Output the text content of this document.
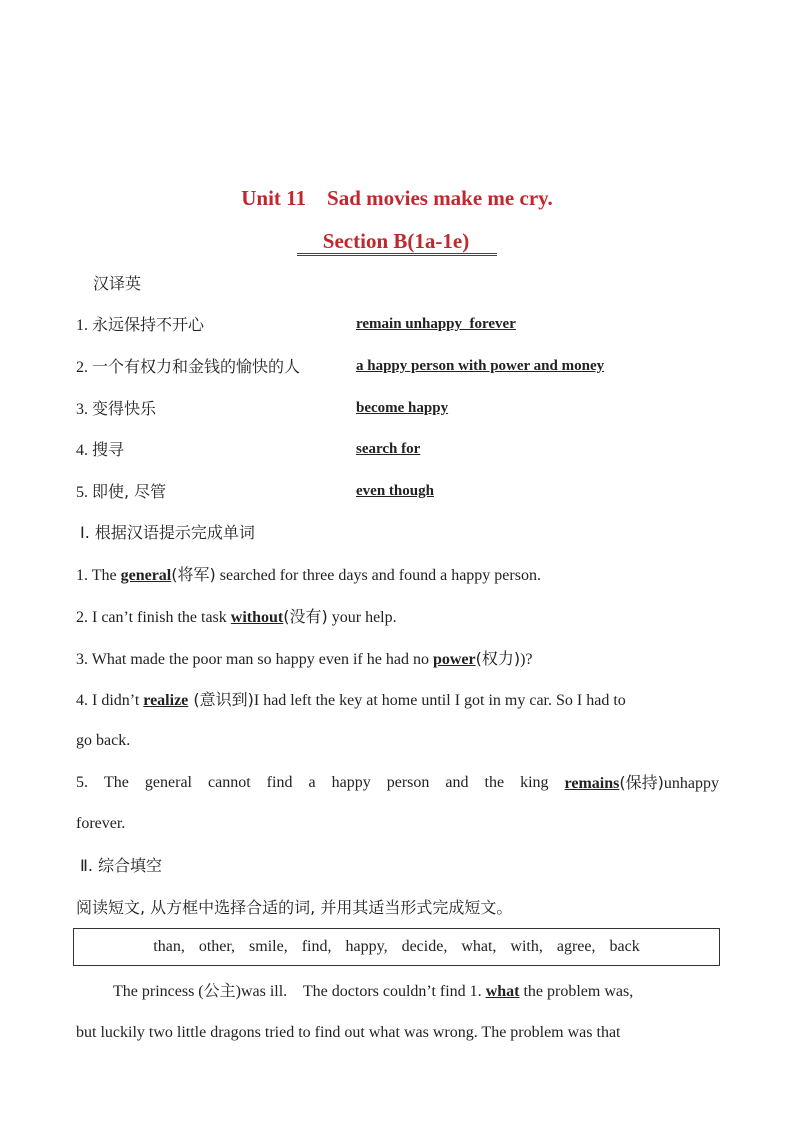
Unit 11    Sad movies make me cry.
Section B(1a-1e)
汉译英
1. 永远保持不开心	remain unhappy  forever
2. 一个有权力和金钱的愉快的人	a happy person with power and money
3. 变得快乐	become happy
4. 搜寻	search for
5. 即使, 尽管	even though
Ⅰ. 根据汉语提示完成单词
1. The general(将军) searched for three days and found a happy person.
2. I can’t finish the task without(没有) your help.
3. What made the poor man so happy even if he had no power(权力))?
4. I didn’t realize (意识到)I had left the key at home until I got in my car. So I had to
go back.
5. The general cannot find a happy person and the king remains(保持)unhappy
forever.
Ⅱ. 综合填空
阅读短文, 从方框中选择合适的词, 并用其适当形式完成短文。
than, other, smile, find, happy, decide, what, with, agree, back
The princess (公主)was ill.    The doctors couldn’t find 1. what the problem was,
but luckily two little dragons tried to find out what was wrong. The problem was that
